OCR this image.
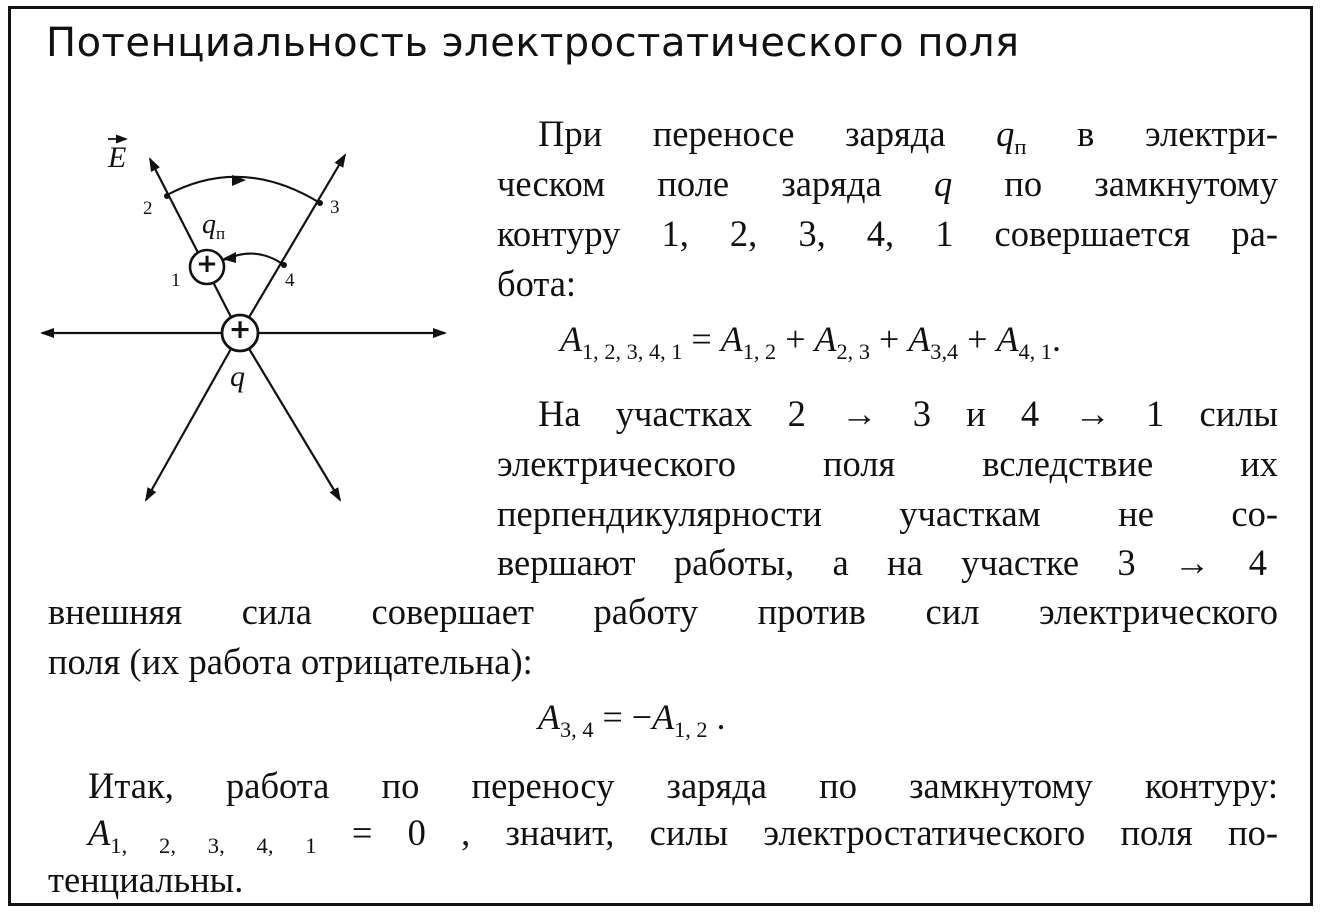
Потенциальность электростатического поля
+
+
E
$q_п$
q
1
2	3
4
При переносе заряда $q_п$ в электри-
ческом поле заряда q по замкнутому
контуру 1, 2, 3, 4, 1 совершается ра-
бота:
$A_{1, 2, 3, 4, 1} = A_{1, 2} + A_{2, 3} + A_{3,4} + A_{4, 1}$.
На участках 2 → 3 и 4 → 1 силы
электрического поля вследствие их
перпендикулярности участкам не со-
вершают работы, а на участке 3 → 4
внешняя сила совершает работу против сил электрического
поля (их работа отрицательна):
$A_{3, 4} = -A_{1, 2}$ .
Итак, работа по переносу заряда по замкнутому контуру:
$A_{1, 2, 3, 4, 1} = 0$ , значит, силы электростатического поля по-
тенциальны.
